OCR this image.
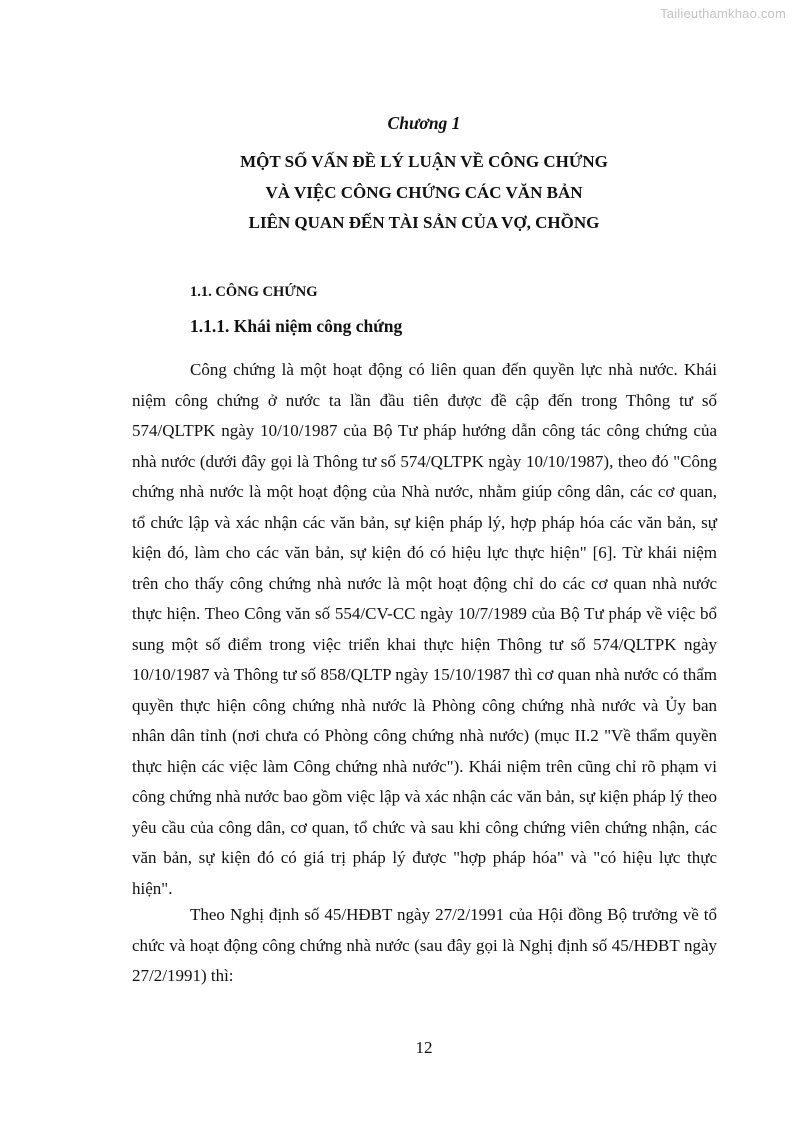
Tailieuthamkhao.com
Chương 1
MỘT SỐ VẤN ĐỀ LÝ LUẬN VỀ CÔNG CHỨNG
VÀ VIỆC CÔNG CHỨNG CÁC VĂN BẢN
LIÊN QUAN ĐẾN TÀI SẢN CỦA VỢ, CHỒNG
1.1. CÔNG CHỨNG
1.1.1. Khái niệm công chứng

Công chứng là một hoạt động có liên quan đến quyền lực nhà nước. Khái niệm công chứng ở nước ta lần đầu tiên được đề cập đến trong Thông tư số 574/QLTPK ngày 10/10/1987 của Bộ Tư pháp hướng dẫn công tác công chứng của nhà nước (dưới đây gọi là Thông tư số 574/QLTPK ngày 10/10/1987), theo đó "Công chứng nhà nước là một hoạt động của Nhà nước, nhằm giúp công dân, các cơ quan, tổ chức lập và xác nhận các văn bản, sự kiện pháp lý, hợp pháp hóa các văn bản, sự kiện đó, làm cho các văn bản, sự kiện đó có hiệu lực thực hiện" [6]. Từ khái niệm trên cho thấy công chứng nhà nước là một hoạt động chỉ do các cơ quan nhà nước thực hiện. Theo Công văn số 554/CV-CC ngày 10/7/1989 của Bộ Tư pháp về việc bổ sung một số điểm trong việc triển khai thực hiện Thông tư số 574/QLTPK ngày 10/10/1987 và Thông tư số 858/QLTP ngày 15/10/1987 thì cơ quan nhà nước có thẩm quyền thực hiện công chứng nhà nước là Phòng công chứng nhà nước và Ủy ban nhân dân tỉnh (nơi chưa có Phòng công chứng nhà nước) (mục II.2 "Về thẩm quyền thực hiện các việc làm Công chứng nhà nước"). Khái niệm trên cũng chỉ rõ phạm vi công chứng nhà nước bao gồm việc lập và xác nhận các văn bản, sự kiện pháp lý theo yêu cầu của công dân, cơ quan, tổ chức và sau khi công chứng viên chứng nhận, các văn bản, sự kiện đó có giá trị pháp lý được "hợp pháp hóa" và "có hiệu lực thực hiện".

Theo Nghị định số 45/HĐBT ngày 27/2/1991 của Hội đồng Bộ trưởng về tổ chức và hoạt động công chứng nhà nước (sau đây gọi là Nghị định số 45/HĐBT ngày 27/2/1991) thì:

12
